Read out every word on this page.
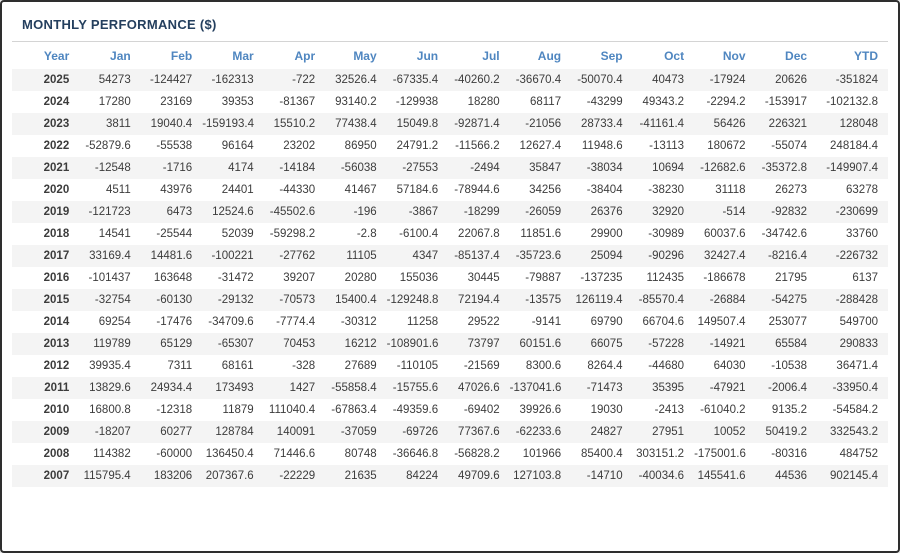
MONTHLY PERFORMANCE ($)
Year	Jan	Feb	Mar	Apr	May	Jun	Jul	Aug	Sep	Oct	Nov	Dec	YTD
2025	54273	-124427	-162313	-722	32526.4	-67335.4	-40260.2	-36670.4	-50070.4	40473	-17924	20626	-351824
2024	17280	23169	39353	-81367	93140.2	-129938	18280	68117	-43299	49343.2	-2294.2	-153917	-102132.8
2023	3811	19040.4	-159193.4	15510.2	77438.4	15049.8	-92871.4	-21056	28733.4	-41161.4	56426	226321	128048
2022	-52879.6	-55538	96164	23202	86950	24791.2	-11566.2	12627.4	11948.6	-13113	180672	-55074	248184.4
2021	-12548	-1716	4174	-14184	-56038	-27553	-2494	35847	-38034	10694	-12682.6	-35372.8	-149907.4
2020	4511	43976	24401	-44330	41467	57184.6	-78944.6	34256	-38404	-38230	31118	26273	63278
2019	-121723	6473	12524.6	-45502.6	-196	-3867	-18299	-26059	26376	32920	-514	-92832	-230699
2018	14541	-25544	52039	-59298.2	-2.8	-6100.4	22067.8	11851.6	29900	-30989	60037.6	-34742.6	33760
2017	33169.4	14481.6	-100221	-27762	11105	4347	-85137.4	-35723.6	25094	-90296	32427.4	-8216.4	-226732
2016	-101437	163648	-31472	39207	20280	155036	30445	-79887	-137235	112435	-186678	21795	6137
2015	-32754	-60130	-29132	-70573	15400.4	-129248.8	72194.4	-13575	126119.4	-85570.4	-26884	-54275	-288428
2014	69254	-17476	-34709.6	-7774.4	-30312	11258	29522	-9141	69790	66704.6	149507.4	253077	549700
2013	119789	65129	-65307	70453	16212	-108901.6	73797	60151.6	66075	-57228	-14921	65584	290833
2012	39935.4	7311	68161	-328	27689	-110105	-21569	8300.6	8264.4	-44680	64030	-10538	36471.4
2011	13829.6	24934.4	173493	1427	-55858.4	-15755.6	47026.6	-137041.6	-71473	35395	-47921	-2006.4	-33950.4
2010	16800.8	-12318	11879	111040.4	-67863.4	-49359.6	-69402	39926.6	19030	-2413	-61040.2	9135.2	-54584.2
2009	-18207	60277	128784	140091	-37059	-69726	77367.6	-62233.6	24827	27951	10052	50419.2	332543.2
2008	114382	-60000	136450.4	71446.6	80748	-36646.8	-56828.2	101966	85400.4	303151.2	-175001.6	-80316	484752
2007	115795.4	183206	207367.6	-22229	21635	84224	49709.6	127103.8	-14710	-40034.6	145541.6	44536	902145.4
